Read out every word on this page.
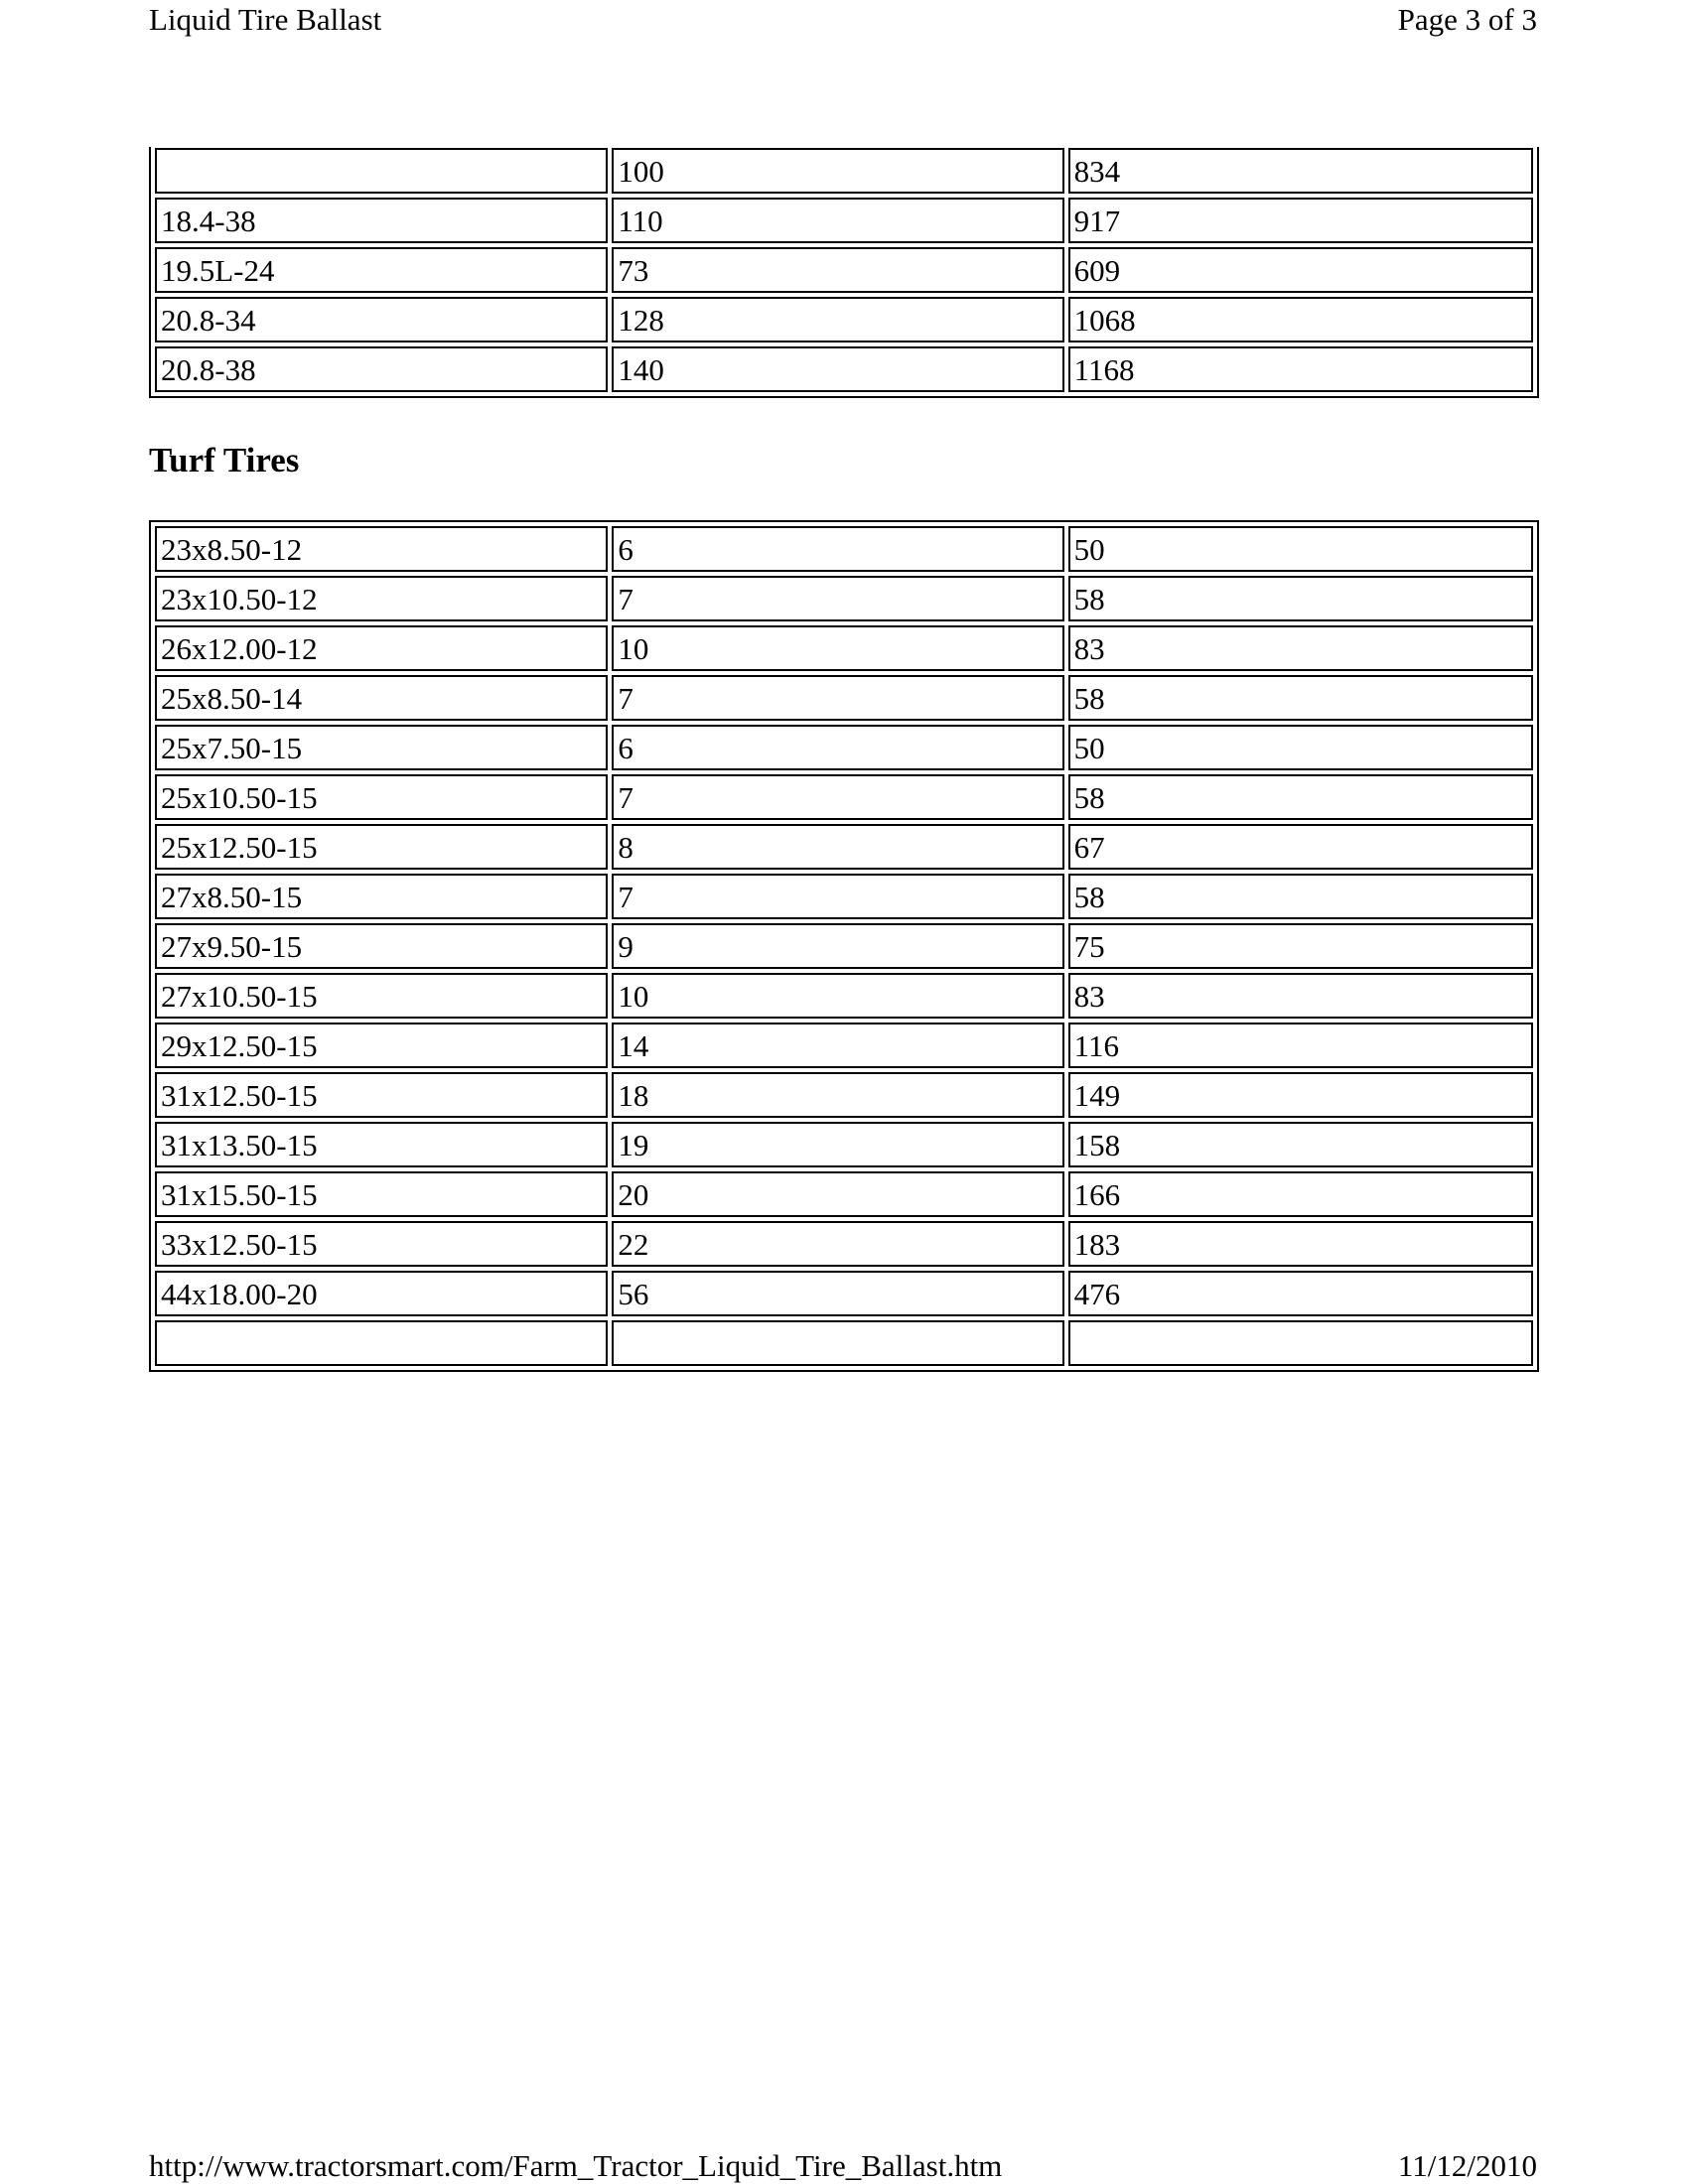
Liquid Tire Ballast	Page 3 of 3
	100	834
18.4-38	110	917
19.5L-24	73	609
20.8-34	128	1068
20.8-38	140	1168
Turf Tires
23x8.50-12	6	50
23x10.50-12	7	58
26x12.00-12	10	83
25x8.50-14	7	58
25x7.50-15	6	50
25x10.50-15	7	58
25x12.50-15	8	67
27x8.50-15	7	58
27x9.50-15	9	75
27x10.50-15	10	83
29x12.50-15	14	116
31x12.50-15	18	149
31x13.50-15	19	158
31x15.50-15	20	166
33x12.50-15	22	183
44x18.00-20	56	476

http://www.tractorsmart.com/Farm_Tractor_Liquid_Tire_Ballast.htm	11/12/2010
